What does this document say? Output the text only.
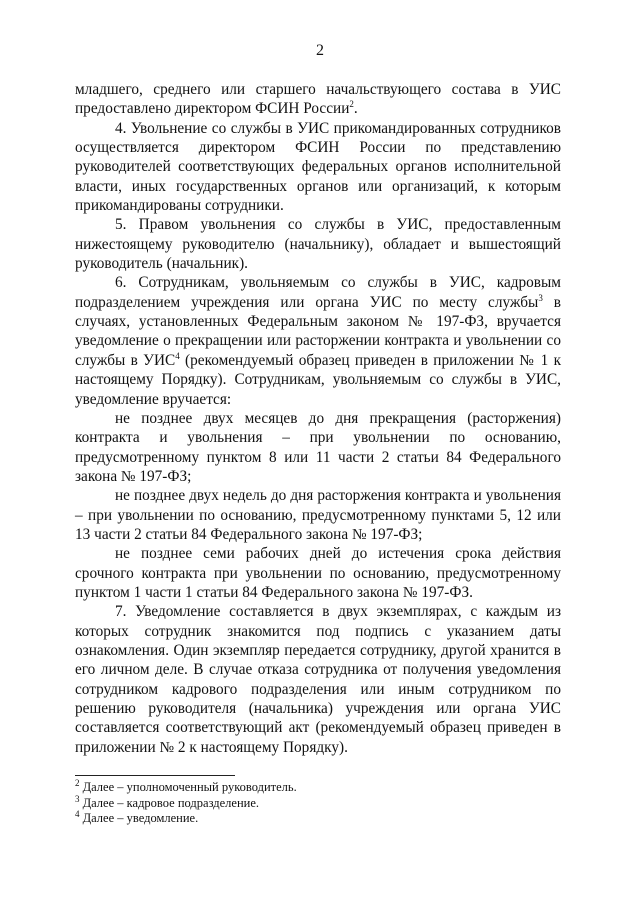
2

младшего, среднего или старшего начальствующего состава в УИС предоставлено директором ФСИН России$^2$.

4. Увольнение со службы в УИС прикомандированных сотрудников осуществляется директором ФСИН России по представлению руководителей соответствующих федеральных органов исполнительной власти, иных государственных органов или организаций, к которым прикомандированы сотрудники.

5. Правом увольнения со службы в УИС, предоставленным нижестоящему руководителю (начальнику), обладает и вышестоящий руководитель (начальник).

6. Сотрудникам, увольняемым со службы в УИС, кадровым подразделением учреждения или органа УИС по месту службы$^3$ в случаях, установленных Федеральным законом № 197-ФЗ, вручается уведомление о прекращении или расторжении контракта и увольнении со службы в УИС$^4$ (рекомендуемый образец приведен в приложении № 1 к настоящему Порядку). Сотрудникам, увольняемым со службы в УИС, уведомление вручается:

не позднее двух месяцев до дня прекращения (расторжения) контракта и увольнения – при увольнении по основанию, предусмотренному пунктом 8 или 11 части 2 статьи 84 Федерального закона № 197-ФЗ;

не позднее двух недель до дня расторжения контракта и увольнения – при увольнении по основанию, предусмотренному пунктами 5, 12 или 13 части 2 статьи 84 Федерального закона № 197-ФЗ;

не позднее семи рабочих дней до истечения срока действия срочного контракта при увольнении по основанию, предусмотренному пунктом 1 части 1 статьи 84 Федерального закона № 197-ФЗ.

7. Уведомление составляется в двух экземплярах, с каждым из которых сотрудник знакомится под подпись с указанием даты ознакомления. Один экземпляр передается сотруднику, другой хранится в его личном деле. В случае отказа сотрудника от получения уведомления сотрудником кадрового подразделения или иным сотрудником по решению руководителя (начальника) учреждения или органа УИС составляется соответствующий акт (рекомендуемый образец приведен в приложении № 2 к настоящему Порядку).

$^2$ Далее – уполномоченный руководитель.
$^3$ Далее – кадровое подразделение.
$^4$ Далее – уведомление.
